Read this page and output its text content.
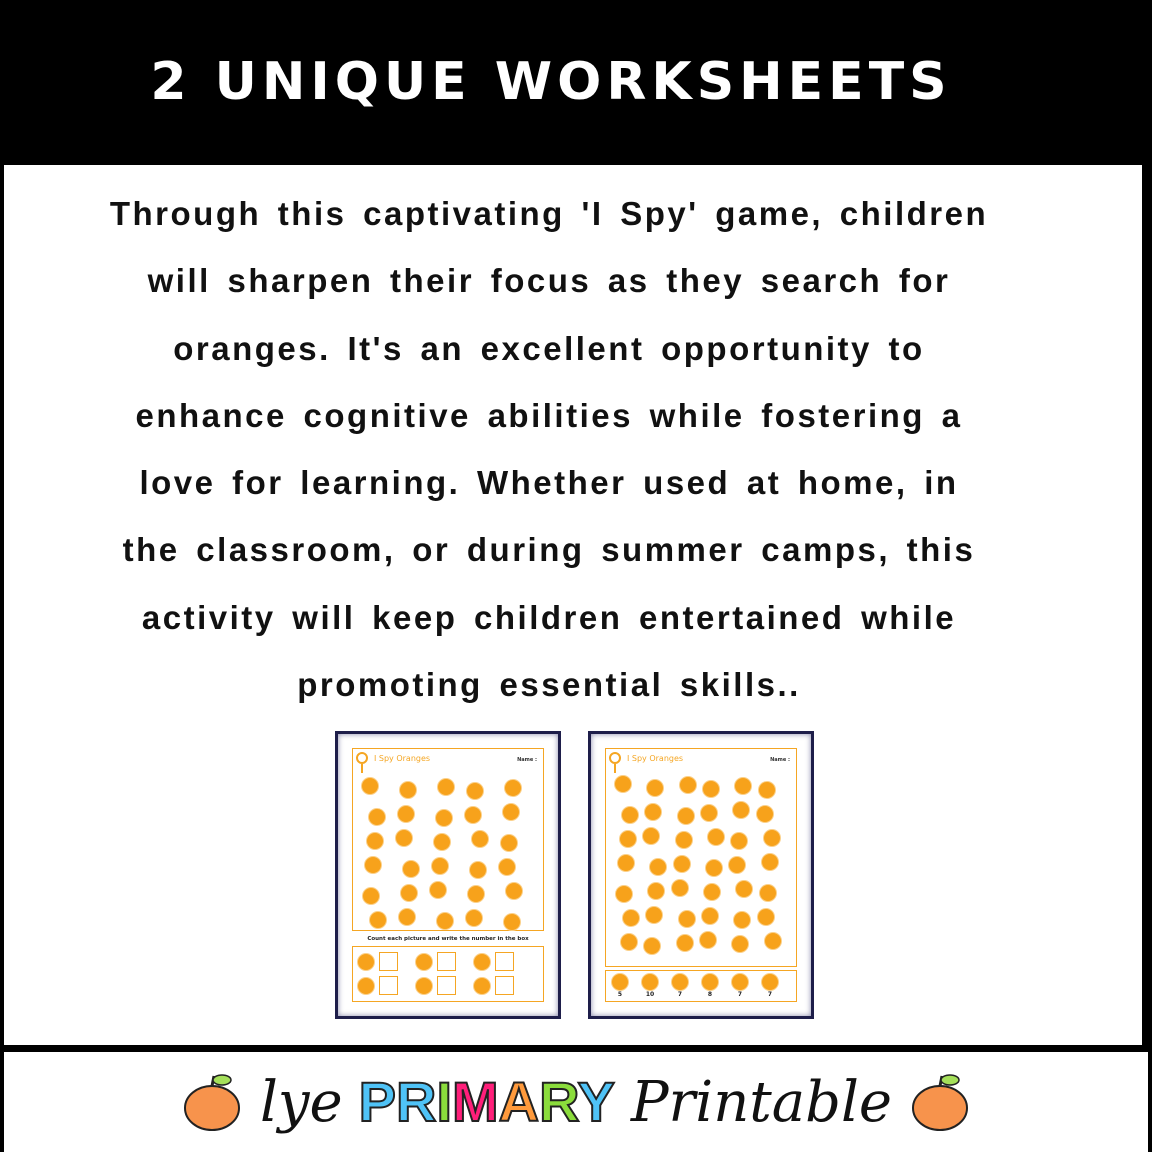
2 UNIQUE WORKSHEETS
Through this captivating 'I Spy' game, children
will sharpen their focus as they search for
oranges. It's an excellent opportunity to
enhance cognitive abilities while fostering a
love for learning. Whether used at home, in
the classroom, or during summer camps, this
activity will keep children entertained while
promoting essential skills..
I Spy Oranges	Name :
Count each picture and write the number in the box
I Spy Oranges	Name :
5	10	7	8	7	7
lye PRIMARY Printable
